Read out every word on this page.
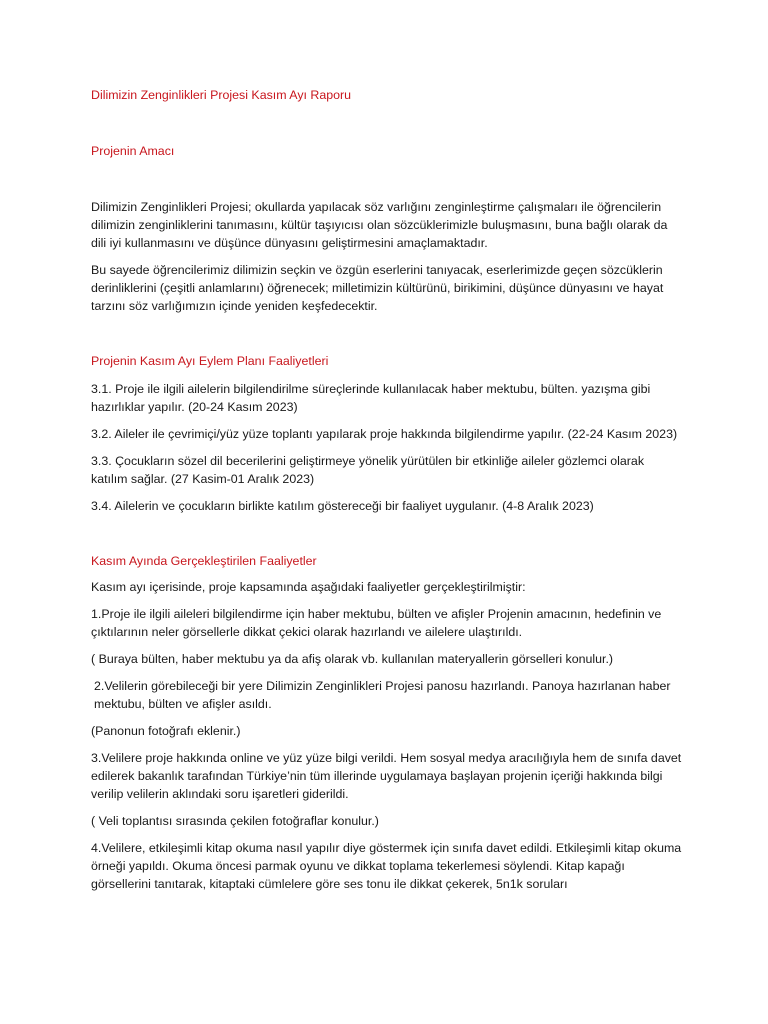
Dilimizin Zenginlikleri Projesi Kasım Ayı Raporu
Projenin Amacı

Dilimizin Zenginlikleri Projesi; okullarda yapılacak söz varlığını zenginleştirme çalışmaları ile öğrencilerin dilimizin zenginliklerini tanımasını, kültür taşıyıcısı olan sözcüklerimizle buluşmasını, buna bağlı olarak da dili iyi kullanmasını ve düşünce dünyasını geliştirmesini amaçlamaktadır.

Bu sayede öğrencilerimiz dilimizin seçkin ve özgün eserlerini tanıyacak, eserlerimizde geçen sözcüklerin derinliklerini (çeşitli anlamlarını) öğrenecek; milletimizin kültürünü, birikimini, düşünce dünyasını ve hayat tarzını söz varlığımızın içinde yeniden keşfedecektir.

Projenin Kasım Ayı Eylem Planı Faaliyetleri

3.1. Proje ile ilgili ailelerin bilgilendirilme süreçlerinde kullanılacak haber mektubu, bülten. yazışma gibi hazırlıklar yapılır. (20-24 Kasım 2023)

3.2. Aileler ile çevrimiçi/yüz yüze toplantı yapılarak proje hakkında bilgilendirme yapılır. (22-24 Kasım 2023)

3.3. Çocukların sözel dil becerilerini geliştirmeye yönelik yürütülen bir etkinliğe aileler gözlemci olarak katılım sağlar. (27 Kasim-01 Aralık 2023)

3.4. Ailelerin ve çocukların birlikte katılım göstereceği bir faaliyet uygulanır. (4-8 Aralık 2023)

Kasım Ayında Gerçekleştirilen Faaliyetler

Kasım ayı içerisinde, proje kapsamında aşağıdaki faaliyetler gerçekleştirilmiştir:

1.Proje ile ilgili aileleri bilgilendirme için haber mektubu, bülten ve afişler Projenin amacının, hedefinin ve çıktılarının neler görsellerle dikkat çekici olarak hazırlandı ve ailelere ulaştırıldı.

( Buraya bülten, haber mektubu ya da afiş olarak vb. kullanılan materyallerin görselleri konulur.)

2.Velilerin görebileceği bir yere Dilimizin Zenginlikleri Projesi panosu hazırlandı. Panoya hazırlanan haber mektubu, bülten ve afişler asıldı.

(Panonun fotoğrafı eklenir.)

3.Velilere proje hakkında online ve yüz yüze bilgi verildi. Hem sosyal medya aracılığıyla hem de sınıfa davet edilerek bakanlık tarafından Türkiye’nin tüm illerinde uygulamaya başlayan projenin içeriği hakkında bilgi verilip velilerin aklındaki soru işaretleri giderildi.

( Veli toplantısı sırasında çekilen fotoğraflar konulur.)

4.Velilere, etkileşimli kitap okuma nasıl yapılır diye göstermek için sınıfa davet edildi. Etkileşimli kitap okuma örneği yapıldı. Okuma öncesi parmak oyunu ve dikkat toplama tekerlemesi söylendi. Kitap kapağı görsellerini tanıtarak, kitaptaki cümlelere göre ses tonu ile dikkat çekerek, 5n1k soruları
